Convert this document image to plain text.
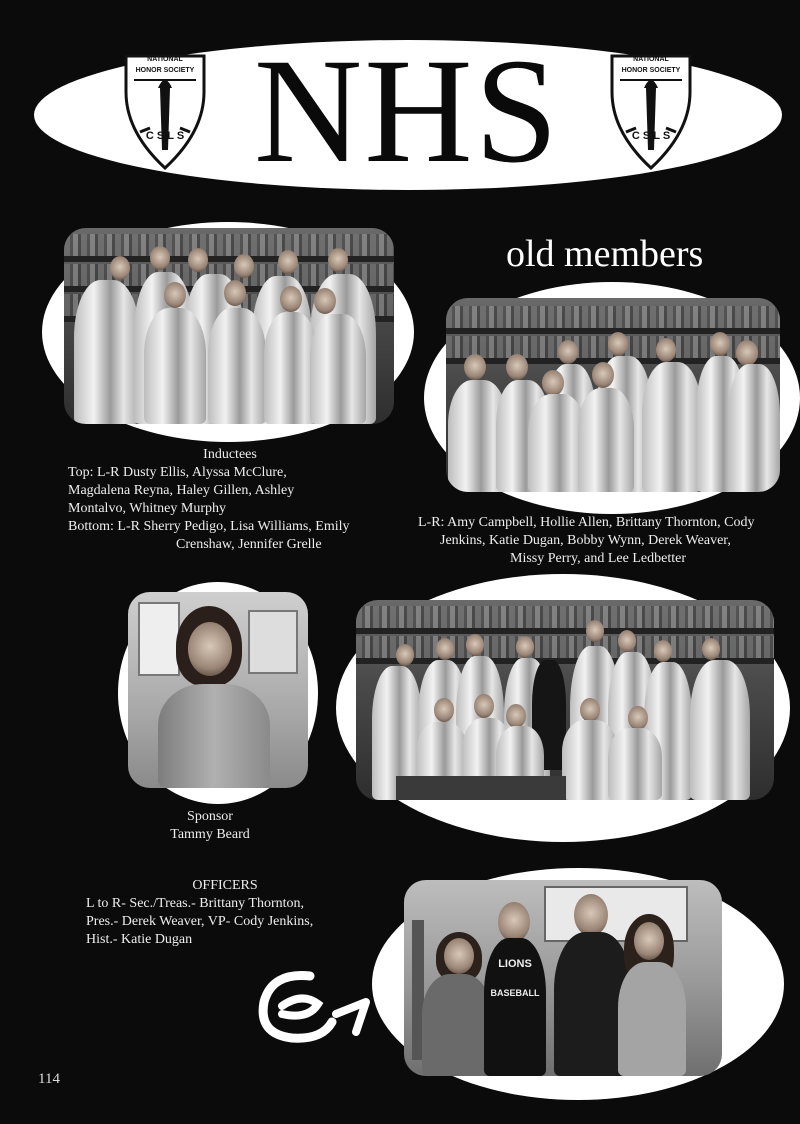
NHS
NATIONAL
HONOR SOCIETY
C S L S
NATIONAL
HONOR SOCIETY
C S L S
Inductees
Top: L-R Dusty Ellis, Alyssa McClure,
Magdalena Reyna, Haley Gillen, Ashley
Montalvo, Whitney Murphy
Bottom: L-R Sherry Pedigo, Lisa Williams, Emily
Crenshaw, Jennifer Grelle
old members
L-R: Amy Campbell, Hollie Allen, Brittany Thornton, Cody
Jenkins, Katie Dugan, Bobby Wynn, Derek Weaver,
Missy Perry, and Lee Ledbetter
Sponsor
Tammy Beard
OFFICERS
L to R- Sec./Treas.- Brittany Thornton,
Pres.- Derek Weaver, VP- Cody Jenkins,
Hist.- Katie Dugan
LIONS
BASEBALL
114
